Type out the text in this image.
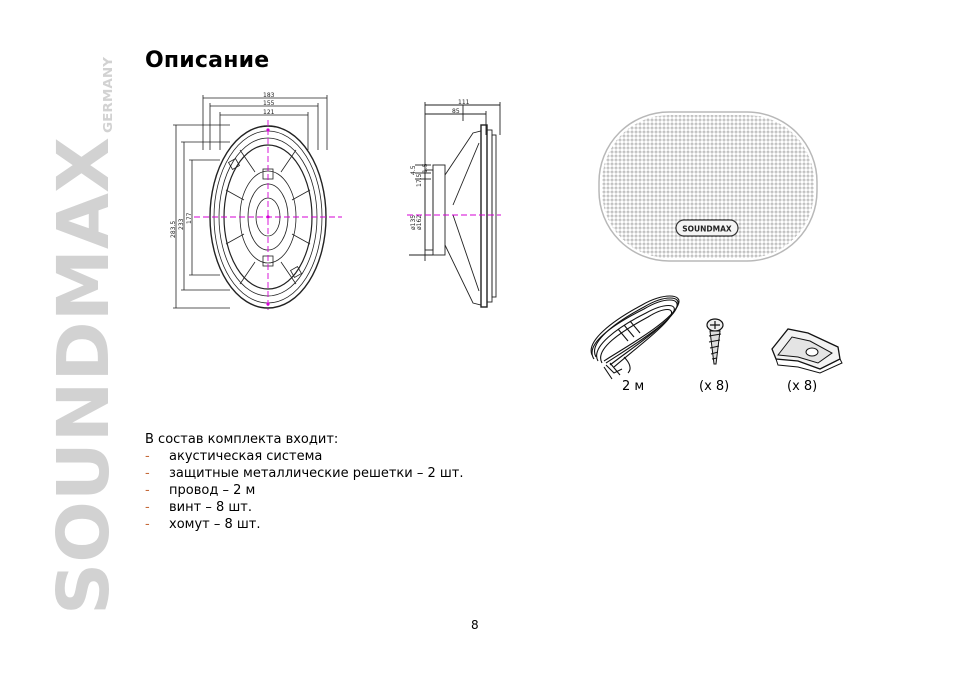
SOUNDMAX
GERMANY
Описание
183
155
121
283.5 233
177
111
85
4.5
17.5
1.5
ø135 ø162	SOUNDMAX
2 м	(x 8)	(x 8)
В состав комплекта входит:
-	акустическая система
-	защитные металлические решетки – 2 шт.
-	провод – 2 м
-	винт – 8 шт.
-	хомут – 8 шт.
8
